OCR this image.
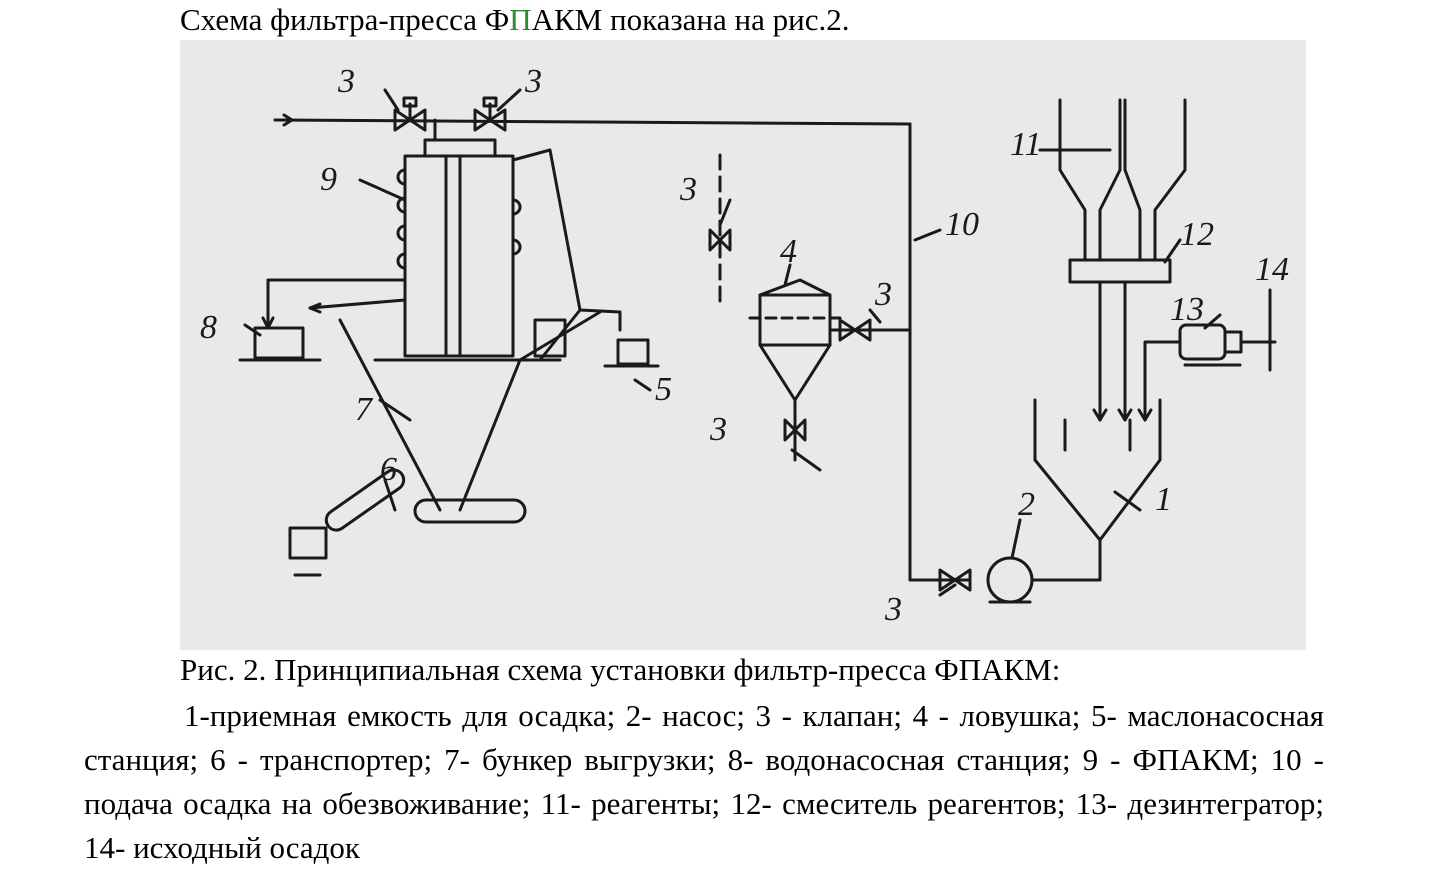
Схема фильтра-пресса ФПАКМ показана на рис.2.
3	3
9
8
7
6
5
3
4
3
3
10
11
12
14
13
1
2
3
Рис. 2. Принципиальная схема установки фильтр-пресса ФПАКМ:
1-приемная емкость для осадка; 2- насос; 3 - клапан; 4 - ловушка; 5- маслонасосная станция; 6 - транспортер; 7- бункер выгрузки; 8- водонасосная станция; 9 - ФПАКМ; 10 - подача осадка на обезвоживание; 11- реагенты; 12- смеситель реагентов; 13- дезинтегратор; 14- исходный осадок
